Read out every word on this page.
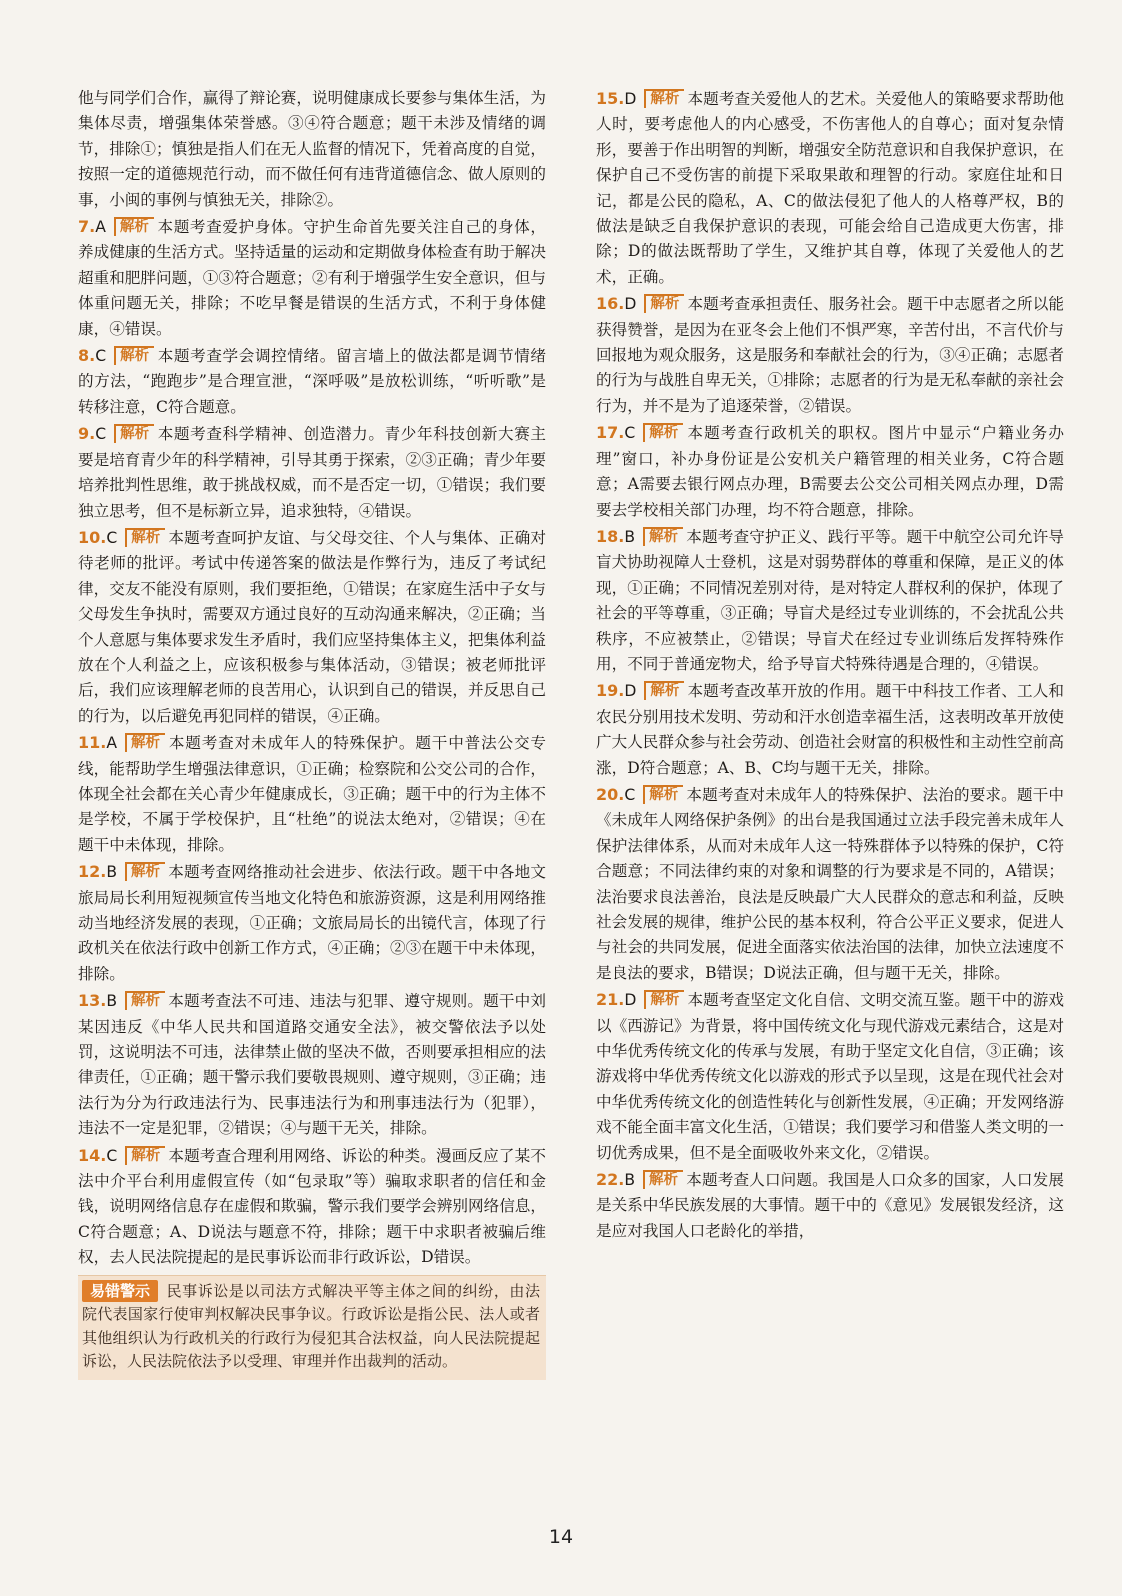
他与同学们合作，赢得了辩论赛，说明健康成长要参与集体生活，为集体尽责，增强集体荣誉感。③④符合题意；题干未涉及情绪的调节，排除①；慎独是指人们在无人监督的情况下，凭着高度的自觉，按照一定的道德规范行动，而不做任何有违背道德信念、做人原则的事，小闽的事例与慎独无关，排除②。

7.A 解析 本题考查爱护身体。守护生命首先要关注自己的身体，养成健康的生活方式。坚持适量的运动和定期做身体检查有助于解决超重和肥胖问题，①③符合题意；②有利于增强学生安全意识，但与体重问题无关，排除；不吃早餐是错误的生活方式，不利于身体健康，④错误。

8.C 解析 本题考查学会调控情绪。留言墙上的做法都是调节情绪的方法，“跑跑步”是合理宣泄，“深呼吸”是放松训练，“听听歌”是转移注意，C符合题意。

9.C 解析 本题考查科学精神、创造潜力。青少年科技创新大赛主要是培育青少年的科学精神，引导其勇于探索，②③正确；青少年要培养批判性思维，敢于挑战权威，而不是否定一切，①错误；我们要独立思考，但不是标新立异，追求独特，④错误。

10.C 解析 本题考查呵护友谊、与父母交往、个人与集体、正确对待老师的批评。考试中传递答案的做法是作弊行为，违反了考试纪律，交友不能没有原则，我们要拒绝，①错误；在家庭生活中子女与父母发生争执时，需要双方通过良好的互动沟通来解决，②正确；当个人意愿与集体要求发生矛盾时，我们应坚持集体主义，把集体利益放在个人利益之上，应该积极参与集体活动，③错误；被老师批评后，我们应该理解老师的良苦用心，认识到自己的错误，并反思自己的行为，以后避免再犯同样的错误，④正确。

11.A 解析 本题考查对未成年人的特殊保护。题干中普法公交专线，能帮助学生增强法律意识，①正确；检察院和公交公司的合作，体现全社会都在关心青少年健康成长，③正确；题干中的行为主体不是学校，不属于学校保护，且“杜绝”的说法太绝对，②错误；④在题干中未体现，排除。

12.B 解析 本题考查网络推动社会进步、依法行政。题干中各地文旅局局长利用短视频宣传当地文化特色和旅游资源，这是利用网络推动当地经济发展的表现，①正确；文旅局局长的出镜代言，体现了行政机关在依法行政中创新工作方式，④正确；②③在题干中未体现，排除。

13.B 解析 本题考查法不可违、违法与犯罪、遵守规则。题干中刘某因违反《中华人民共和国道路交通安全法》，被交警依法予以处罚，这说明法不可违，法律禁止做的坚决不做，否则要承担相应的法律责任，①正确；题干警示我们要敬畏规则、遵守规则，③正确；违法行为分为行政违法行为、民事违法行为和刑事违法行为（犯罪），违法不一定是犯罪，②错误；④与题干无关，排除。

14.C 解析 本题考查合理利用网络、诉讼的种类。漫画反应了某不法中介平台利用虚假宣传（如“包录取”等）骗取求职者的信任和金钱，说明网络信息存在虚假和欺骗，警示我们要学会辨别网络信息，C符合题意；A、D说法与题意不符，排除；题干中求职者被骗后维权，去人民法院提起的是民事诉讼而非行政诉讼，D错误。

易错警示 民事诉讼是以司法方式解决平等主体之间的纠纷，由法院代表国家行使审判权解决民事争议。行政诉讼是指公民、法人或者其他组织认为行政机关的行政行为侵犯其合法权益，向人民法院提起诉讼，人民法院依法予以受理、审理并作出裁判的活动。

15.D 解析 本题考查关爱他人的艺术。关爱他人的策略要求帮助他人时，要考虑他人的内心感受，不伤害他人的自尊心；面对复杂情形，要善于作出明智的判断，增强安全防范意识和自我保护意识，在保护自己不受伤害的前提下采取果敢和理智的行动。家庭住址和日记，都是公民的隐私，A、C的做法侵犯了他人的人格尊严权，B的做法是缺乏自我保护意识的表现，可能会给自己造成更大伤害，排除；D的做法既帮助了学生，又维护其自尊，体现了关爱他人的艺术，正确。

16.D 解析 本题考查承担责任、服务社会。题干中志愿者之所以能获得赞誉，是因为在亚冬会上他们不惧严寒，辛苦付出，不言代价与回报地为观众服务，这是服务和奉献社会的行为，③④正确；志愿者的行为与战胜自卑无关，①排除；志愿者的行为是无私奉献的亲社会行为，并不是为了追逐荣誉，②错误。

17.C 解析 本题考查行政机关的职权。图片中显示“户籍业务办理”窗口，补办身份证是公安机关户籍管理的相关业务，C符合题意；A需要去银行网点办理，B需要去公交公司相关网点办理，D需要去学校相关部门办理，均不符合题意，排除。

18.B 解析 本题考查守护正义、践行平等。题干中航空公司允许导盲犬协助视障人士登机，这是对弱势群体的尊重和保障，是正义的体现，①正确；不同情况差别对待，是对特定人群权利的保护，体现了社会的平等尊重，③正确；导盲犬是经过专业训练的，不会扰乱公共秩序，不应被禁止，②错误；导盲犬在经过专业训练后发挥特殊作用，不同于普通宠物犬，给予导盲犬特殊待遇是合理的，④错误。

19.D 解析 本题考查改革开放的作用。题干中科技工作者、工人和农民分别用技术发明、劳动和汗水创造幸福生活，这表明改革开放使广大人民群众参与社会劳动、创造社会财富的积极性和主动性空前高涨，D符合题意；A、B、C均与题干无关，排除。

20.C 解析 本题考查对未成年人的特殊保护、法治的要求。题干中《未成年人网络保护条例》的出台是我国通过立法手段完善未成年人保护法律体系，从而对未成年人这一特殊群体予以特殊的保护，C符合题意；不同法律约束的对象和调整的行为要求是不同的，A错误；法治要求良法善治，良法是反映最广大人民群众的意志和利益，反映社会发展的规律，维护公民的基本权利，符合公平正义要求，促进人与社会的共同发展，促进全面落实依法治国的法律，加快立法速度不是良法的要求，B错误；D说法正确，但与题干无关，排除。

21.D 解析 本题考查坚定文化自信、文明交流互鉴。题干中的游戏以《西游记》为背景，将中国传统文化与现代游戏元素结合，这是对中华优秀传统文化的传承与发展，有助于坚定文化自信，③正确；该游戏将中华优秀传统文化以游戏的形式予以呈现，这是在现代社会对中华优秀传统文化的创造性转化与创新性发展，④正确；开发网络游戏不能全面丰富文化生活，①错误；我们要学习和借鉴人类文明的一切优秀成果，但不是全面吸收外来文化，②错误。

22.B 解析 本题考查人口问题。我国是人口众多的国家，人口发展是关系中华民族发展的大事情。题干中的《意见》发展银发经济，这是应对我国人口老龄化的举措，

14
